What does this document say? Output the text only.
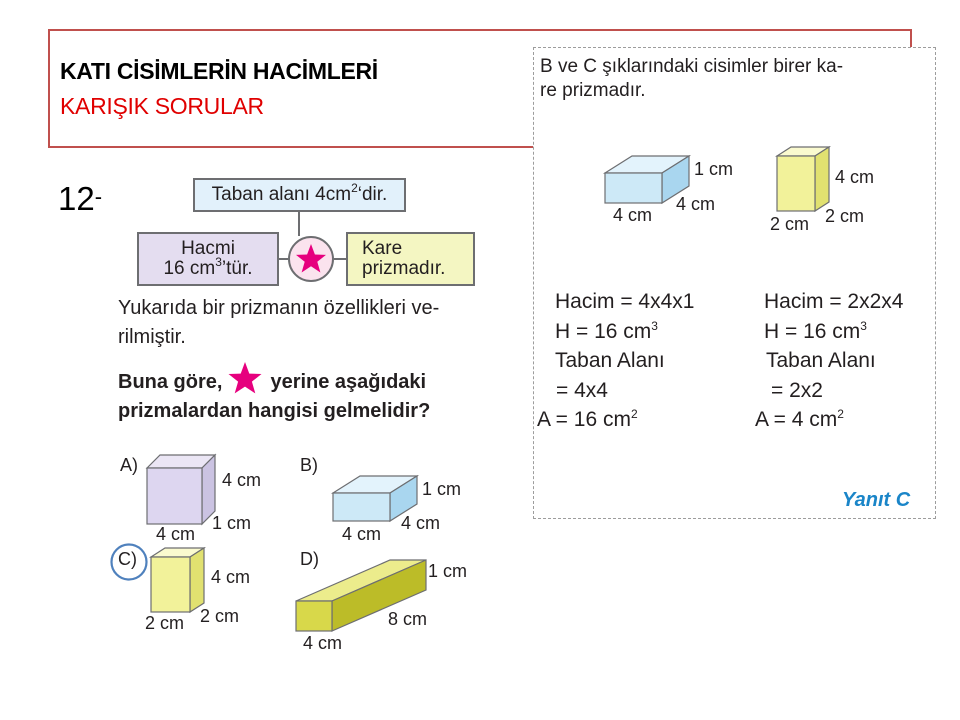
KATI CİSİMLERİN HACİMLERİ
KARIŞIK SORULAR
12-	Taban alanı $4cm^2‘dir$.
Hacmi
16 $cm^3’tür$.
Kare
prizmadır.
Yukarıda bir prizmanın özellikleri ve-
rilmiştir.
Buna göre, yerine aşağıdaki
prizmalardan hangisi gelmelidir?
A)
4 cm
1 cm
4 cm
B)
1 cm
4 cm
4 cm
C)
4 cm
2 cm
2 cm
D)
1 cm
8 cm
4 cm
B ve C şıklarındaki cisimler birer ka-
re prizmadır.
1 cm
4 cm
4 cm
4 cm
2 cm
2 cm
Hacim = 4x4x1
H = 16 $cm^3$
Taban Alanı
= 4x4
A = 16 $cm^2$
Hacim = 2x2x4
H = 16 $cm^3$
Taban Alanı
= 2x2
A = 4 $cm^2$
Yanıt C
